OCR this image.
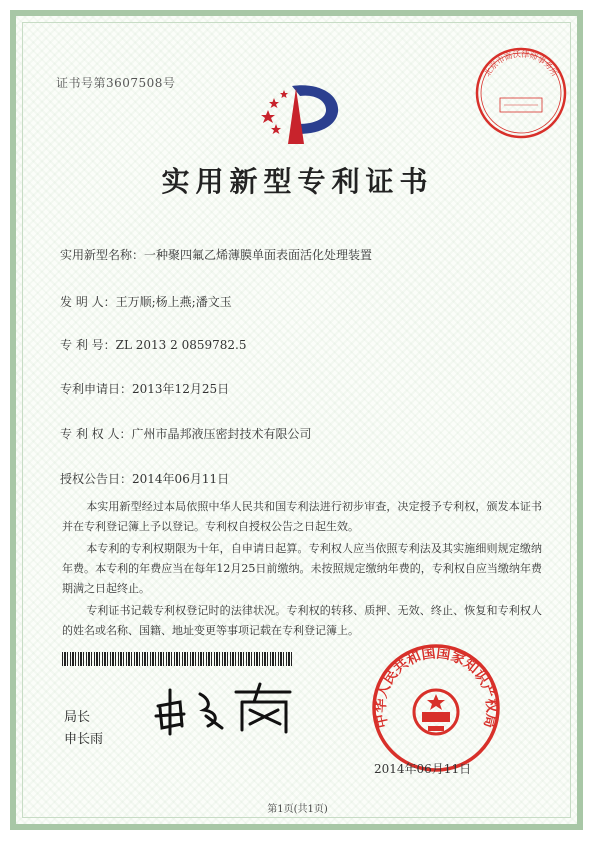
证书号第3607508号
北京市高沃律师事务所
实用新型专利证书
实用新型名称：一种聚四氟乙烯薄膜单面表面活化处理装置
发 明 人：王万顺;杨上燕;潘文玉
专 利 号：ZL 2013 2 0859782.5
专利申请日：2013年12月25日
专 利 权 人：广州市晶邦液压密封技术有限公司
授权公告日：2014年06月11日

本实用新型经过本局依照中华人民共和国专利法进行初步审查，决定授予专利权，颁发本证书并在专利登记簿上予以登记。专利权自授权公告之日起生效。

本专利的专利权期限为十年，自申请日起算。专利权人应当依照专利法及其实施细则规定缴纳年费。本专利的年费应当在每年12月25日前缴纳。未按照规定缴纳年费的，专利权自应当缴纳年费期满之日起终止。

专利证书记载专利权登记时的法律状况。专利权的转移、质押、无效、终止、恢复和专利权人的姓名或名称、国籍、地址变更等事项记载在专利登记簿上。

局长
申长雨
中华人民共和国国家知识产权局
2014年06月11日
第1页(共1页)
